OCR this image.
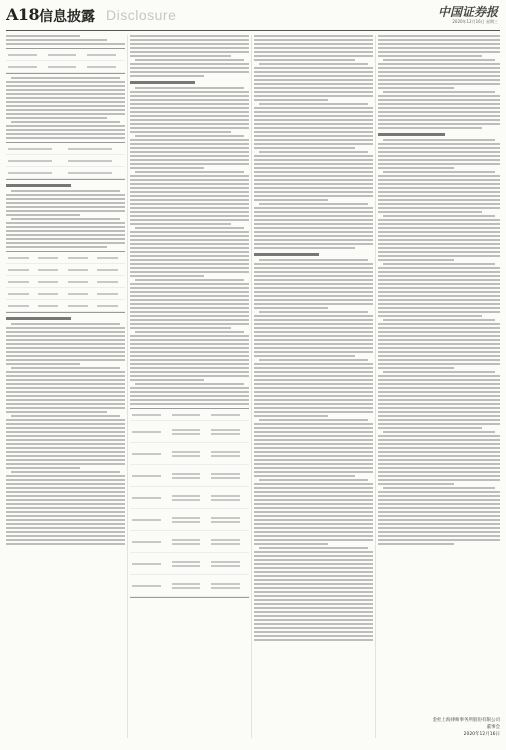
A18 信息披露 Disclosure	中国证券报
2020年12月16日 星期三
金杜上海律师事务所股份有限公司
董事会
2020年12月16日
